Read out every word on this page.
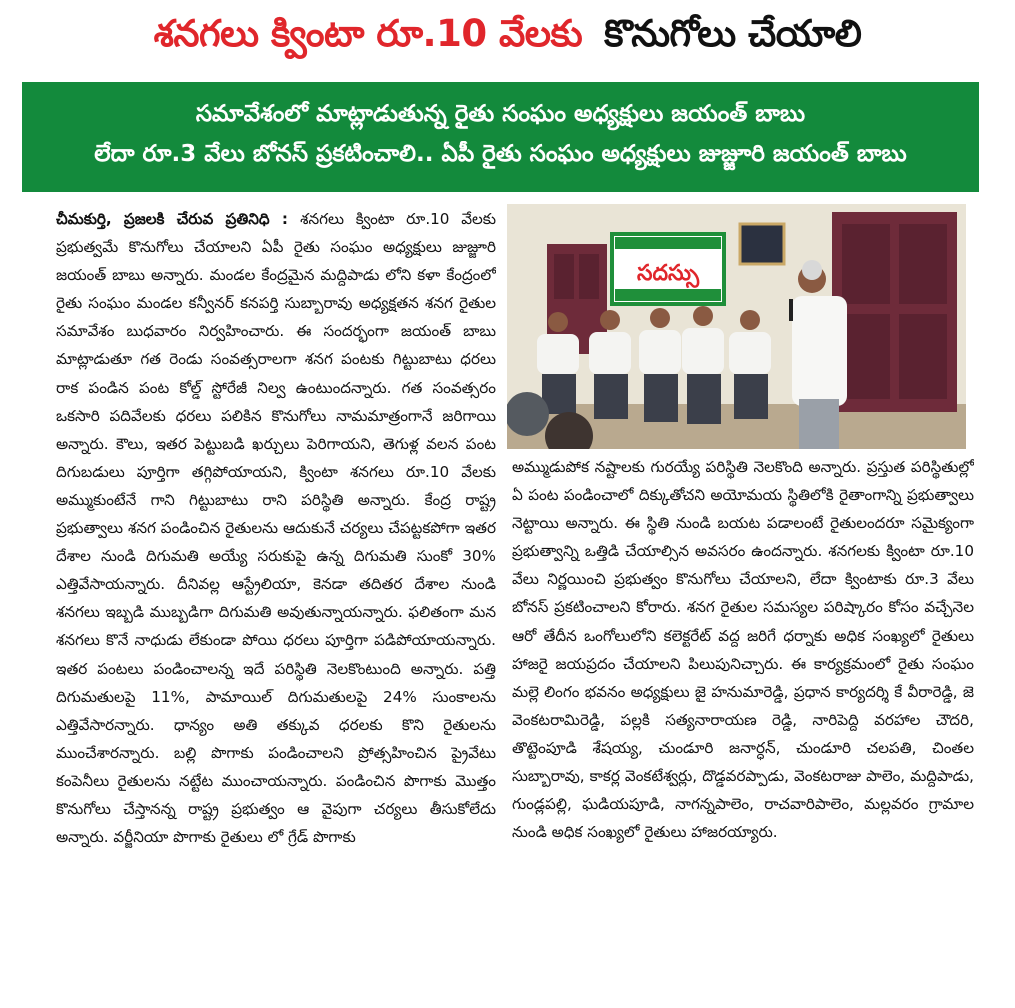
శనగలు క్వింటా రూ.10 వేలకు కొనుగోలు చేయాలి
సమావేశంలో మాట్లాడుతున్న రైతు సంఘం అధ్యక్షులు జయంత్ బాబు
లేదా రూ.3 వేలు బోనస్ ప్రకటించాలి.. ఏపీ రైతు సంఘం అధ్యక్షులు జుజ్జూరి జయంత్ బాబు
చీమకుర్తి, ప్రజలకి చేరువ ప్రతినిధి : శనగలు క్వింటా రూ.10 వేలకు ప్రభుత్వమే కొనుగోలు చేయాలని ఏపీ రైతు సంఘం అధ్యక్షులు జుజ్జూరి జయంత్ బాబు అన్నారు. మండల కేంద్రమైన మద్దిపాడు లోని కళా కేంద్రంలో రైతు సంఘం మండల కన్వీనర్ కనపర్తి సుబ్బారావు అధ్యక్షతన శనగ రైతుల సమావేశం బుధవారం నిర్వహించారు. ఈ సందర్భంగా జయంత్ బాబు మాట్లాడుతూ గత రెండు సంవత్సరాలగా శనగ పంటకు గిట్టుబాటు ధరలు రాక పండిన పంట కోల్డ్ స్టోరేజీ నిల్వ ఉంటుందన్నారు. గత సంవత్సరం ఒకసారి పదివేలకు ధరలు పలికిన కొనుగోలు నామమాత్రంగానే జరిగాయి అన్నారు. కౌలు, ఇతర పెట్టుబడి ఖర్చులు పెరిగాయని, తెగుళ్ల వలన పంట దిగుబడులు పూర్తిగా తగ్గిపోయాయని, క్వింటా శనగలు రూ.10 వేలకు అమ్ముకుంటేనే గాని గిట్టుబాటు రాని పరిస్థితి అన్నారు. కేంద్ర రాష్ట్ర ప్రభుత్వాలు శనగ పండించిన రైతులను ఆదుకునే చర్యలు చేపట్టకపోగా ఇతర దేశాల నుండి దిగుమతి అయ్యే సరుకుపై ఉన్న దిగుమతి సుంకో 30% ఎత్తివేసాయన్నారు. దీనివల్ల ఆస్ట్రేలియా, కెనడా తదితర దేశాల నుండి శనగలు ఇబ్బడి ముబ్బడిగా దిగుమతి అవుతున్నాయన్నారు. ఫలితంగా మన శనగలు కొనే నాధుడు లేకుండా పోయి ధరలు పూర్తిగా పడిపోయాయన్నారు. ఇతర పంటలు పండించాలన్న ఇదే పరిస్థితి నెలకొంటుంది అన్నారు. పత్తి దిగుమతులపై 11%, పామాయిల్ దిగుమతులపై 24% సుంకాలను ఎత్తివేసారన్నారు. ధాన్యం అతి తక్కువ ధరలకు కొని రైతులను ముంచేశారన్నారు. బల్లి పొగాకు పండించాలని ప్రోత్సహించిన ప్రైవేటు కంపెనీలు రైతులను నట్టేట ముంచాయన్నారు. పండించిన పొగాకు మొత్తం కొనుగోలు చేస్తానన్న రాష్ట్ర ప్రభుత్వం ఆ వైపుగా చర్యలు తీసుకోలేదు అన్నారు. వర్జీనియా పొగాకు రైతులు లో గ్రేడ్ పొగాకు
సదస్సు
అమ్ముడుపోక నష్టాలకు గురయ్యే పరిస్థితి నెలకొంది అన్నారు. ప్రస్తుత పరిస్థితుల్లో ఏ పంట పండించాలో దిక్కుతోచని అయోమయ స్థితిలోకి రైతాంగాన్ని ప్రభుత్వాలు నెట్టాయి అన్నారు. ఈ స్థితి నుండి బయట పడాలంటే రైతులందరూ సమైక్యంగా ప్రభుత్వాన్ని ఒత్తిడి చేయాల్సిన అవసరం ఉందన్నారు. శనగలకు క్వింటా రూ.10 వేలు నిర్ణయించి ప్రభుత్వం కొనుగోలు చేయాలని, లేదా క్వింటాకు రూ.3 వేలు బోనస్ ప్రకటించాలని కోరారు. శనగ రైతుల సమస్యల పరిష్కారం కోసం వచ్చేనెల ఆరో తేదీన ఒంగోలులోని కలెక్టరేట్ వద్ద జరిగే ధర్నాకు అధిక సంఖ్యలో రైతులు హాజరై జయప్రదం చేయాలని పిలుపునిచ్చారు. ఈ కార్యక్రమంలో రైతు సంఘం మల్లె లింగం భవనం అధ్యక్షులు జై హనుమారెడ్డి, ప్రధాన కార్యదర్శి కే వీరారెడ్డి, జె వెంకటరామిరెడ్డి, పల్లకి సత్యనారాయణ రెడ్డి, నారిపెద్ది వరహాల చౌదరి, తొట్టెంపూడి శేషయ్య, చుండూరి జనార్ధన్, చుండూరి చలపతి, చింతల సుబ్బారావు, కాకర్ల వెంకటేశ్వర్లు, దొడ్డవరప్పాడు, వెంకటరాజు పాలెం, మద్దిపాడు, గుండ్లపల్లి, ఘడియపూడి, నాగన్నపాలెం, రాచవారిపాలెం, మల్లవరం గ్రామాల నుండి అధిక సంఖ్యలో రైతులు హాజరయ్యారు.
